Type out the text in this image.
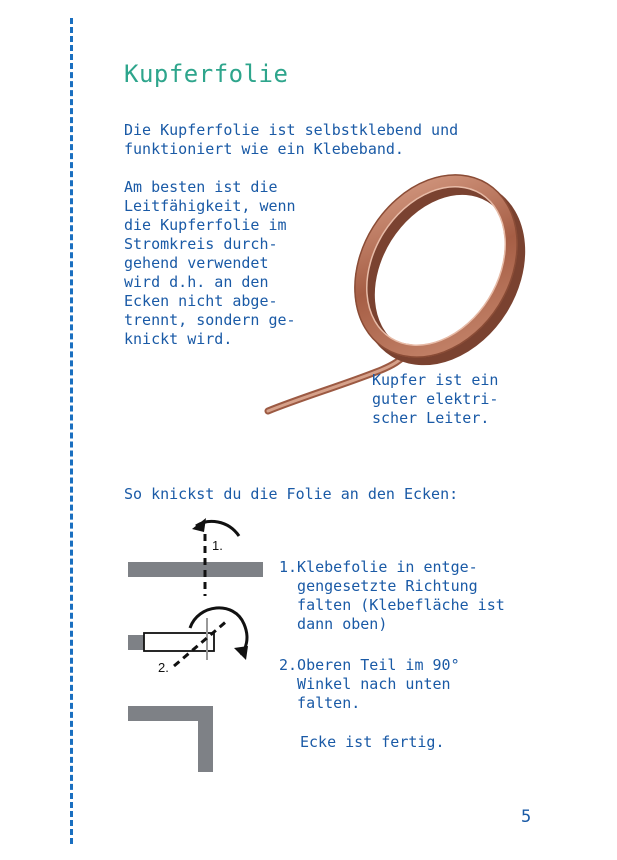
Kupferfolie
Die Kupferfolie ist selbstklebend und
funktioniert wie ein Klebeband.
Am besten ist die
Leitfähigkeit, wenn
die Kupferfolie im
Stromkreis durch-
gehend verwendet
wird d.h. an den
Ecken nicht abge-
trennt, sondern ge-
knickt wird.
Kupfer ist ein
guter elektri-
scher Leiter.
So knickst du die Folie an den Ecken:
1.
2.
1.Klebefolie in entge-
gengesetzte Richtung
falten (Klebefläche ist
dann oben)
2.Oberen Teil im 90°
Winkel nach unten
falten.
Ecke ist fertig.
5
